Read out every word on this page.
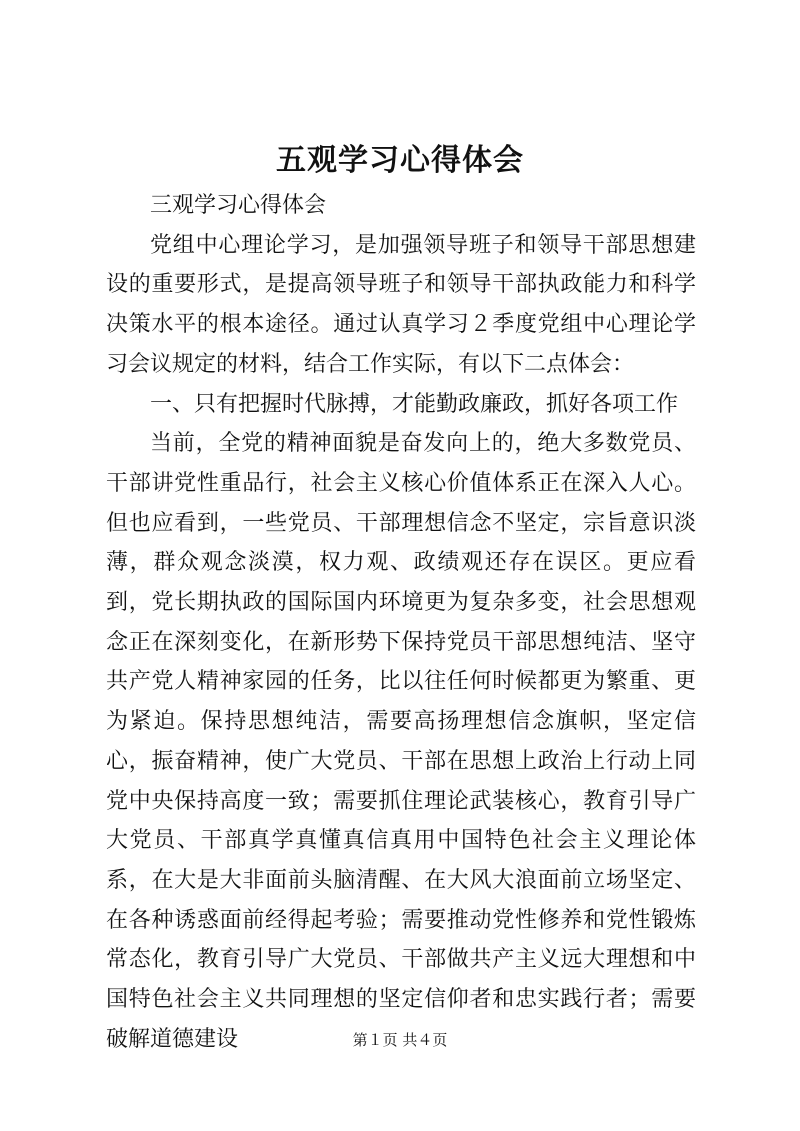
五观学习心得体会

三观学习心得体会

党组中心理论学习，是加强领导班子和领导干部思想建设的重要形式，是提高领导班子和领导干部执政能力和科学决策水平的根本途径。通过认真学习２季度党组中心理论学习会议规定的材料，结合工作实际，有以下二点体会：

一、只有把握时代脉搏，才能勤政廉政，抓好各项工作

当前，全党的精神面貌是奋发向上的，绝大多数党员、干部讲党性重品行，社会主义核心价值体系正在深入人心。但也应看到，一些党员、干部理想信念不坚定，宗旨意识淡薄，群众观念淡漠，权力观、政绩观还存在误区。更应看到，党长期执政的国际国内环境更为复杂多变，社会思想观念正在深刻变化，在新形势下保持党员干部思想纯洁、坚守共产党人精神家园的任务，比以往任何时候都更为繁重、更为紧迫。保持思想纯洁，需要高扬理想信念旗帜，坚定信心，振奋精神，使广大党员、干部在思想上政治上行动上同党中央保持高度一致；需要抓住理论武装核心，教育引导广大党员、干部真学真懂真信真用中国特色社会主义理论体系，在大是大非面前头脑清醒、在大风大浪面前立场坚定、在各种诱惑面前经得起考验；需要推动党性修养和党性锻炼常态化，教育引导广大党员、干部做共产主义远大理想和中国特色社会主义共同理想的坚定信仰者和忠实践行者；需要破解道德建设	第１页 共４页
